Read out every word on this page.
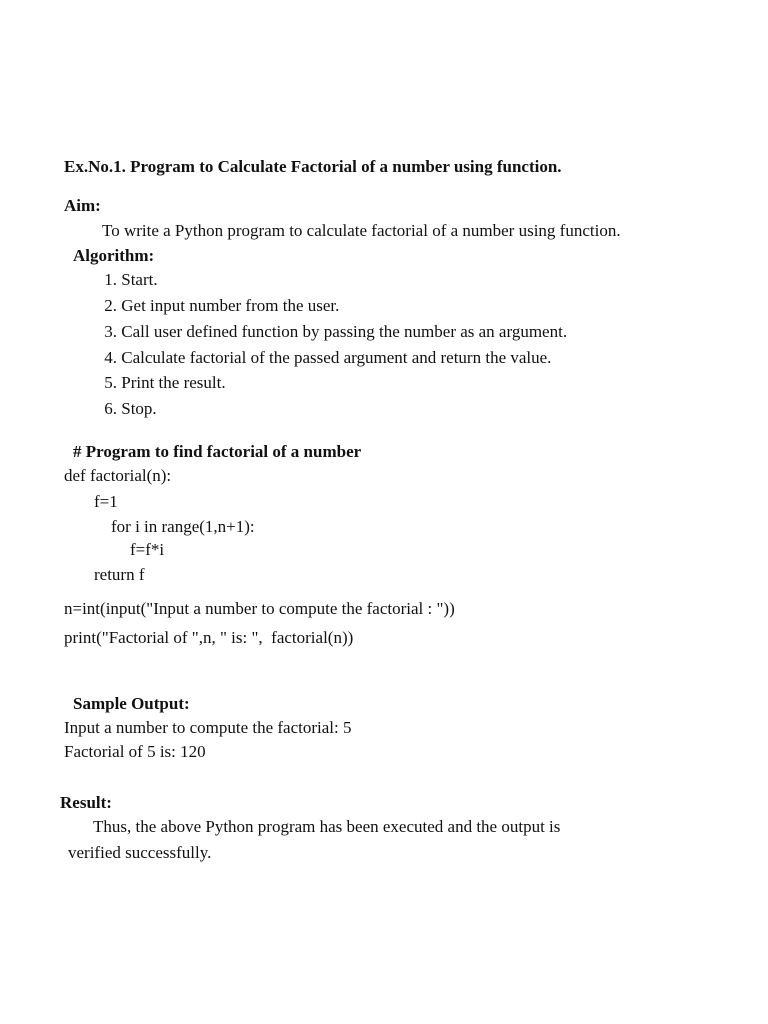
Ex.No.1. Program to Calculate Factorial of a number using function.
Aim:
To write a Python program to calculate factorial of a number using function.
Algorithm:
1. Start.
2. Get input number from the user.
3. Call user defined function by passing the number as an argument.
4. Calculate factorial of the passed argument and return the value.
5. Print the result.
6. Stop.
# Program to find factorial of a number
def factorial(n):
f=1
for i in range(1,n+1):
f=f*i
return f
n=int(input("Input a number to compute the factorial : "))
print("Factorial of ",n, " is: ",  factorial(n))
Sample Output:
Input a number to compute the factorial: 5
Factorial of 5 is: 120
Result:
Thus, the above Python program has been executed and the output is
verified successfully.
